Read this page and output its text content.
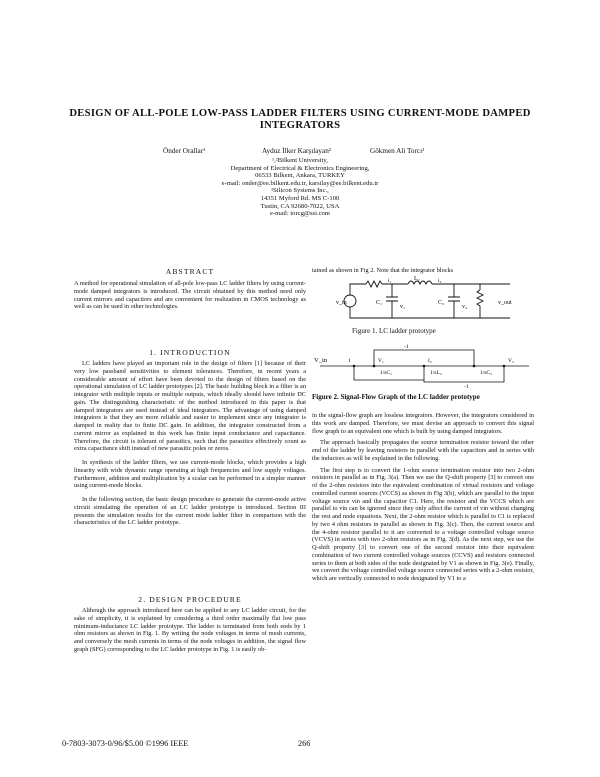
DESIGN OF ALL-POLE LOW-PASS LADDER FILTERS USING CURRENT-MODE DAMPED INTEGRATORS
Önder Orallar¹	Ayduz İlker Karşılayan²	Gökmen Ali Torcı²
¹,²Bilkent University,
Department of Electrical & Electronics Engineering,
06533 Bilkent, Ankara, TURKEY
e-mail: onder@ee.bilkent.edu.tr, karsilay@ee.bilkent.edu.tr
²Silicon Systems Inc.,
14351 Myford Rd. MS C-100
Tustin, CA 92680-7022, USA
e-mail: torcg@ssi.com
ABSTRACT

A method for operational simulation of all-pole low-pass LC ladder filters by using current-mode damped integrators is introduced. The circuit obtained by this method need only current mirrors and capacitors and are convenient for realization in CMOS technology as well as can be used in other technologies.

1. INTRODUCTION

LC ladders have played an important role in the design of filters [1] because of their very low passband sensitivities to element tolerances. Therefore, in recent years a considerable amount of effort have been devoted to the design of filters based on the operational simulation of LC ladder prototypes [2]. The basic building block in a filter is an integrator with multiple inputs or multiple outputs, which ideally should have infinite DC gain. The distinguishing characteristic of the method introduced in this paper is that damped integrators are used instead of ideal integrators. The advantage of using damped integrators is that they are more reliable and easier to implement since any integrator is damped in reality due to finite DC gain. In addition, the integrator constructed from a current mirror as explained in this work has finite input conductance and capacitance. Therefore, the circuit is tolerant of parasitics, such that the parasitics effectively count as extra capacitance shift instead of new parasitic poles or zeros.

In synthesis of the ladder filters, we use current-mode blocks, which provides a high linearity with wide dynamic range operating at high frequencies and low supply voltages. Furthermore, addition and multiplication by a scalar can be performed in a simpler manner using current-mode blocks.

In the following section, the basic design procedure to generate the current-mode active circuit simulating the operation of an LC ladder prototype is introduced. Section III presents the simulation results for the current mode ladder filter in comparison with the characteristics of the LC ladder prototype.

2. DESIGN PROCEDURE

Although the approach introduced here can be applied to any LC ladder circuit, for the sake of simplicity, it is explained by considering a third order maximally flat low pass minimum-inductance LC ladder prototype. The ladder is terminated from both ends by 1 ohm resistors as shown in Fig. 1. By writing the node voltages in terms of mesh currents, and conversely the mesh currents in terms of the node voltages in addition, the signal flow graph (SFG) corresponding to the LC ladder prototype in Fig. 1 is easily ob-

tained as shown in Fig 2. Note that the integrator blocks

v_in
L₂
i₁	i₂
C₁
v₁
C₃
v₃
v_out
Figure 1. LC ladder prototype
V_in	1
-1
-1
1/sC₁	1/sL₂	1/sC₃
V₁	I₂	V₃
Figure 2. Signal-Flow Graph of the LC ladder prototype

in the signal-flow graph are lossless integrators. However, the integrators considered in this work are damped. Therefore, we must devise an approach to convert this signal flow graph to an equivalent one which is built by using damped integrators.

The approach basically propagates the source termination resistor toward the other end of the ladder by leaving resistors in parallel with the capacitors and in series with the inductors as will be explained in the following.

The first step is to convert the 1-ohm source termination resistor into two 2-ohm resistors in parallel as in Fig. 3(a). Then we use the Q-shift property [3] to convert one of the 2-ohm resistors into the equivalent combination of virtual resistors and voltage controlled current sources (VCCS) as shown in Fig 3(b), which are parallel to the input voltage source vin and the capacitor C1. Here, the resistor and the VCCS which are parallel to vin can be ignored since they only affect the current of vin without changing the rest and node equations. Next, the 2-ohm resistor which is parallel to C1 is replaced by two 4 ohm resistors in parallel as shown in Fig. 3(c). Then, the current source and the 4-ohm resistor parallel to it are converted to a voltage controlled voltage source (VCVS) in series with two 2-ohm resistors as in Fig. 3(d). As the next step, we use the Q-shift property [3] to convert one of the second resistor into their equivalent combination of two current controlled voltage sources (CCVS) and resistors connected series to them at both sides of the node designated by V1 as shown in Fig. 3(e). Finally, we convert the voltage controlled voltage source connected series with a 2-ohm resistor, which are vertically connected to node designated by V1 to a

0-7803-3073-0/96/$5.00 ©1996 IEEE	266
